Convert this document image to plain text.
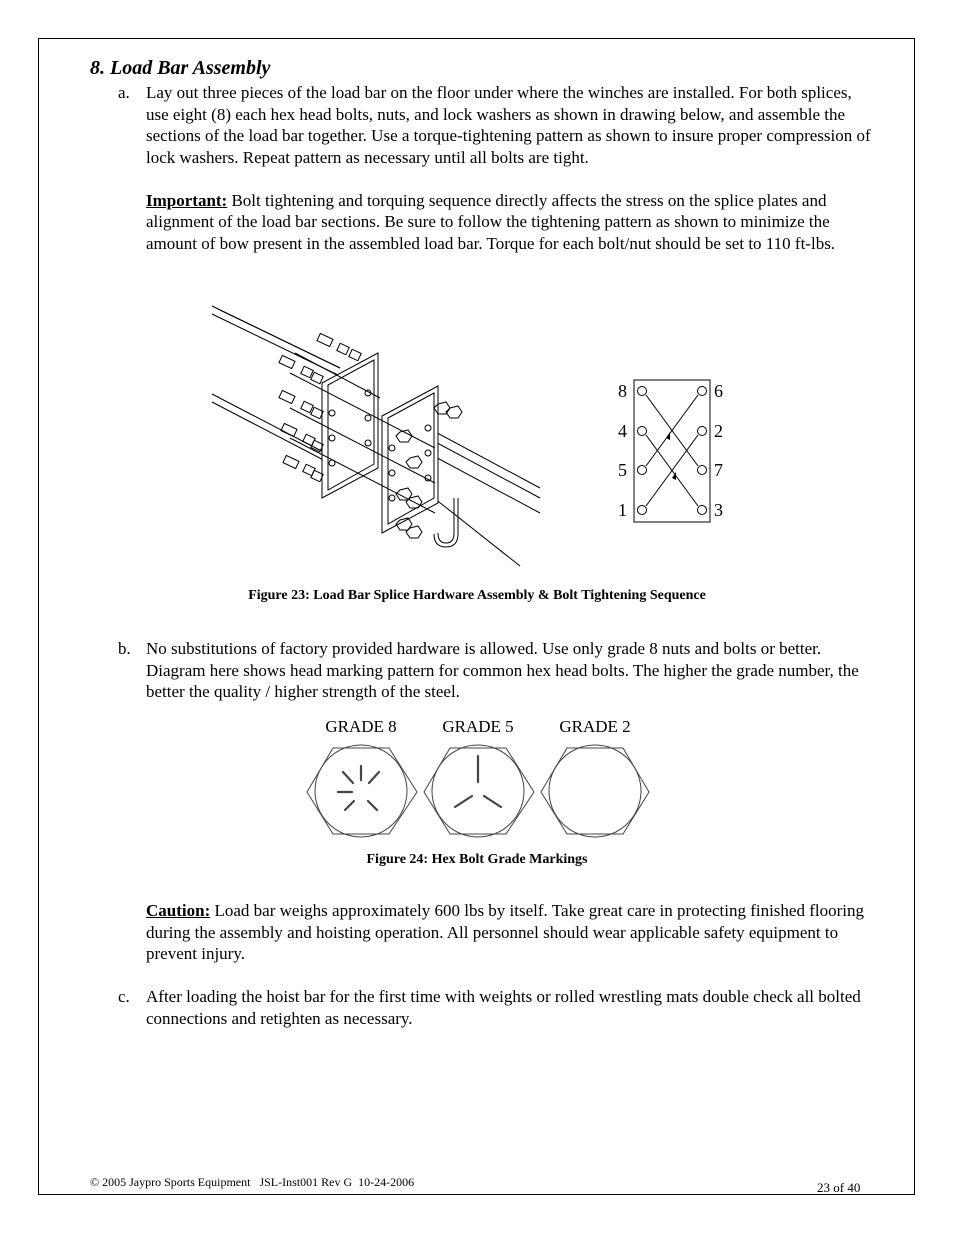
8. Load Bar Assembly
a. Lay out three pieces of the load bar on the floor under where the winches are installed. For both splices, use eight (8) each hex head bolts, nuts, and lock washers as shown in drawing below, and assemble the sections of the load bar together. Use a torque-tightening pattern as shown to insure proper compression of lock washers. Repeat pattern as necessary until all bolts are tight.

Important: Bolt tightening and torquing sequence directly affects the stress on the splice plates and alignment of the load bar sections. Be sure to follow the tightening pattern as shown to minimize the amount of bow present in the assembled load bar. Torque for each bolt/nut should be set to 110 ft-lbs.

8
4
5
1
6
2
7
3
Figure 23: Load Bar Splice Hardware Assembly & Bolt Tightening Sequence
b. No substitutions of factory provided hardware is allowed. Use only grade 8 nuts and bolts or better. Diagram here shows head marking pattern for common hex head bolts. The higher the grade number, the better the quality / higher strength of the steel.

GRADE 8	GRADE 5	GRADE 2
Figure 24: Hex Bolt Grade Markings

Caution: Load bar weighs approximately 600 lbs by itself. Take great care in protecting finished flooring during the assembly and hoisting operation. All personnel should wear applicable safety equipment to prevent injury.

c. After loading the hoist bar for the first time with weights or rolled wrestling mats double check all bolted connections and retighten as necessary.

© 2005 Jaypro Sports Equipment   JSL-Inst001 Rev G  10-24-2006	23 of 40
